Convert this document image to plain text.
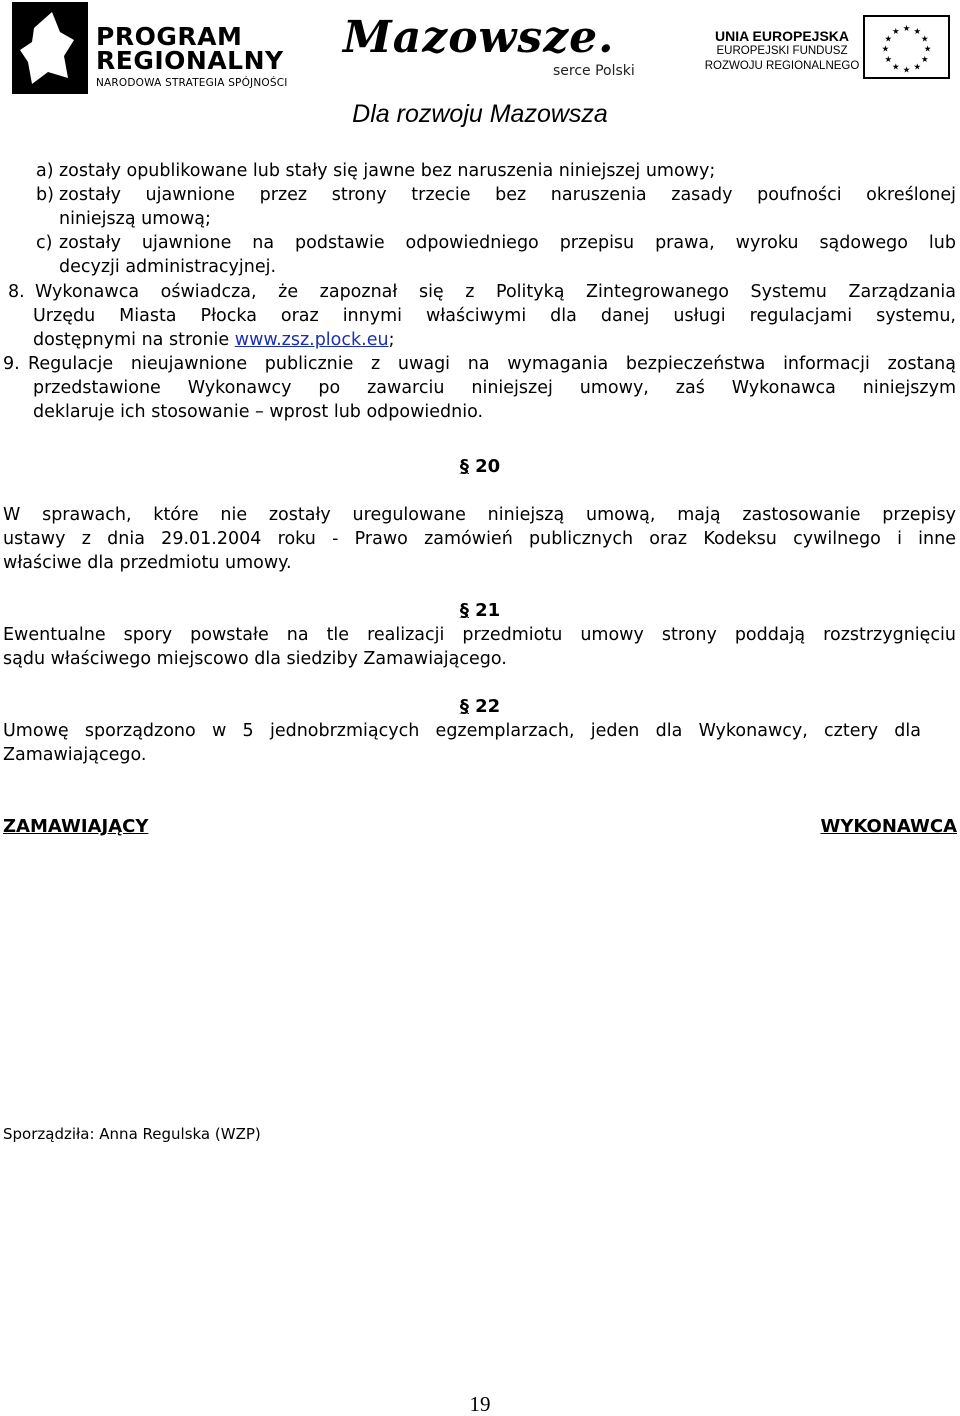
PROGRAM
REGIONALNY
NARODOWA STRATEGIA SPÓJNOŚCI
Mazowsze.
serce Polski
UNIA EUROPEJSKA
EUROPEJSKI FUNDUSZ
ROZWOJU REGIONALNEGO
★ ★
★
★
★
★
★
★
★
★
★
★
Dla rozwoju Mazowsza
a) zostały opublikowane lub stały się jawne bez naruszenia niniejszej umowy;
b) zostały ujawnione przez strony trzecie bez naruszenia zasady poufności określonej
niniejszą umową;
c) zostały ujawnione na podstawie odpowiedniego przepisu prawa, wyroku sądowego lub
decyzji administracyjnej.
8. Wykonawca oświadcza, że zapoznał się z Polityką Zintegrowanego Systemu Zarządzania
Urzędu Miasta Płocka oraz innymi właściwymi dla danej usługi regulacjami systemu,
dostępnymi na stronie www.zsz.plock.eu;
9. Regulacje nieujawnione publicznie z uwagi na wymagania bezpieczeństwa informacji zostaną
przedstawione Wykonawcy po zawarciu niniejszej umowy, zaś Wykonawca niniejszym
deklaruje ich stosowanie – wprost lub odpowiednio.
§ 20
W sprawach, które nie zostały uregulowane niniejszą umową, mają zastosowanie przepisy
ustawy z dnia 29.01.2004 roku - Prawo zamówień publicznych oraz Kodeksu cywilnego i inne
właściwe dla przedmiotu umowy.
§ 21
Ewentualne spory powstałe na tle realizacji przedmiotu umowy strony poddają rozstrzygnięciu
sądu właściwego miejscowo dla siedziby Zamawiającego.
§ 22
Umowę sporządzono w 5 jednobrzmiących egzemplarzach, jeden dla Wykonawcy, cztery dla
Zamawiającego.
ZAMAWIAJĄCY	WYKONAWCA
Sporządziła: Anna Regulska (WZP)
19
